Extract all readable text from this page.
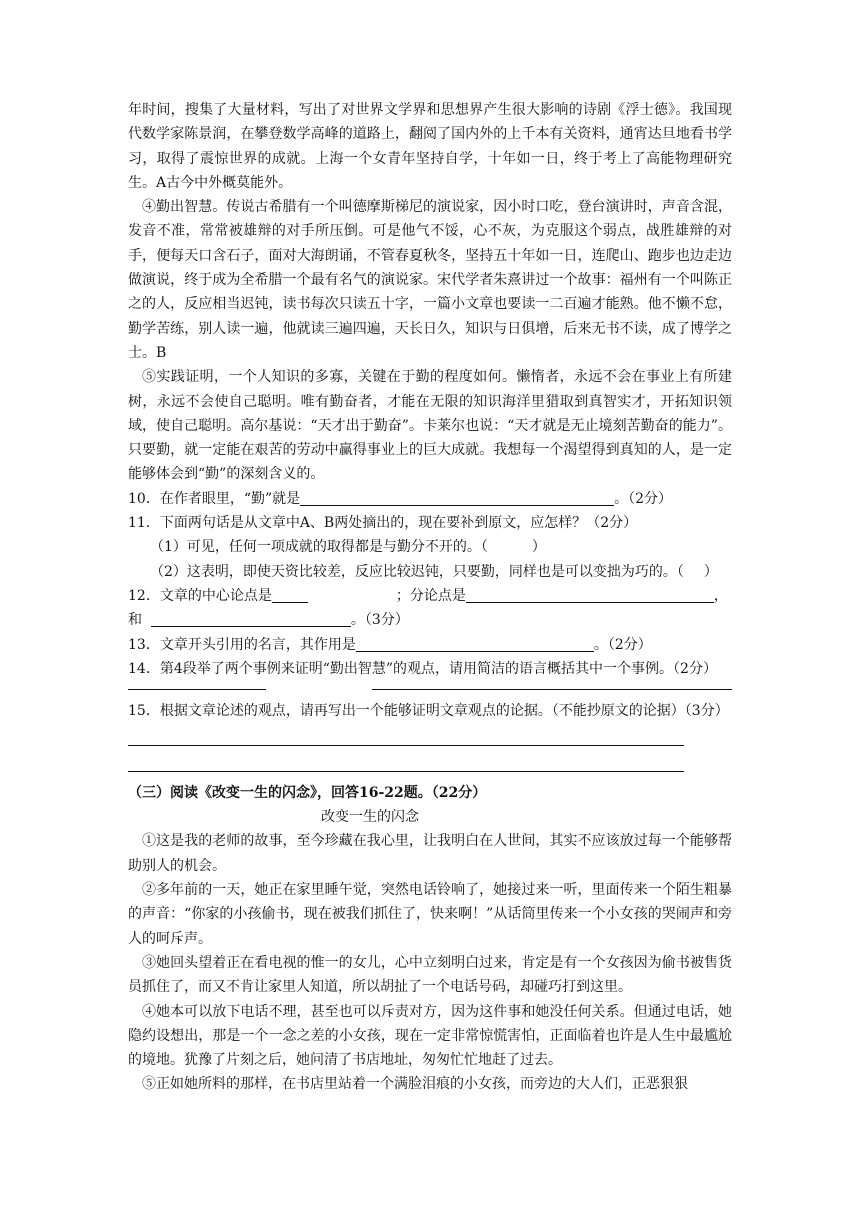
年时间，搜集了大量材料，写出了对世界文学界和思想界产生很大影响的诗剧《浮士德》。我国现代数学家陈景润，在攀登数学高峰的道路上，翻阅了国内外的上千本有关资料，通宵达旦地看书学习，取得了震惊世界的成就。上海一个女青年坚持自学，十年如一日，终于考上了高能物理研究生。A古今中外概莫能外。

④勤出智慧。传说古希腊有一个叫德摩斯梯尼的演说家，因小时口吃，登台演讲时，声音含混，发音不准，常常被雄辩的对手所压倒。可是他气不馁，心不灰，为克服这个弱点，战胜雄辩的对手，便每天口含石子，面对大海朗诵，不管春夏秋冬，坚持五十年如一日，连爬山、跑步也边走边做演说，终于成为全希腊一个最有名气的演说家。宋代学者朱熹讲过一个故事：福州有一个叫陈正之的人，反应相当迟钝，读书每次只读五十字，一篇小文章也要读一二百遍才能熟。他不懒不怠，勤学苦练，别人读一遍，他就读三遍四遍，天长日久，知识与日俱增，后来无书不读，成了博学之士。B

⑤实践证明，一个人知识的多寡，关键在于勤的程度如何。懒惰者，永远不会在事业上有所建树，永远不会使自己聪明。唯有勤奋者，才能在无限的知识海洋里猎取到真智实才，开拓知识领域，使自己聪明。高尔基说：“天才出于勤奋”。卡莱尔也说：“天才就是无止境刻苦勤奋的能力”。只要勤，就一定能在艰苦的劳动中赢得事业上的巨大成就。我想每一个渴望得到真知的人，是一定能够体会到“勤”的深刻含义的。

10．在作者眼里，“勤”就是	。（2分）

11．下面两句话是从文章中A、B两处摘出的，现在要补到原文，应怎样？（2分）

（1）可见，任何一项成就的取得都是与勤分不开的。（	）

（2）这表明，即使天资比较差，反应比较迟钝，只要勤，同样也是可以变拙为巧的。（ ）

12．文章的中心论点是	；分论点是	，

和	。（3分）

13．文章开头引用的名言，其作用是	。（2分）

14．第4段举了两个事例来证明“勤出智慧”的观点，请用简洁的语言概括其中一个事例。（2分）

15．根据文章论述的观点，请再写出一个能够证明文章观点的论据。（不能抄原文的论据）（3分）

（三）阅读《改变一生的闪念》，回答16-22题。（22分）

改变一生的闪念

①这是我的老师的故事，至今珍藏在我心里，让我明白在人世间，其实不应该放过每一个能够帮助别人的机会。

②多年前的一天，她正在家里睡午觉，突然电话铃响了，她接过来一听，里面传来一个陌生粗暴的声音：“你家的小孩偷书，现在被我们抓住了，快来啊！”从话筒里传来一个小女孩的哭闹声和旁人的呵斥声。

③她回头望着正在看电视的惟一的女儿，心中立刻明白过来，肯定是有一个女孩因为偷书被售货员抓住了，而又不肯让家里人知道，所以胡扯了一个电话号码，却碰巧打到这里。

④她本可以放下电话不理，甚至也可以斥责对方，因为这件事和她没任何关系。但通过电话，她隐约设想出，那是一个一念之差的小女孩，现在一定非常惊慌害怕，正面临着也许是人生中最尴尬的境地。犹豫了片刻之后，她问清了书店地址，匆匆忙忙地赶了过去。

⑤正如她所料的那样，在书店里站着一个满脸泪痕的小女孩，而旁边的大人们，正恶狠狠
